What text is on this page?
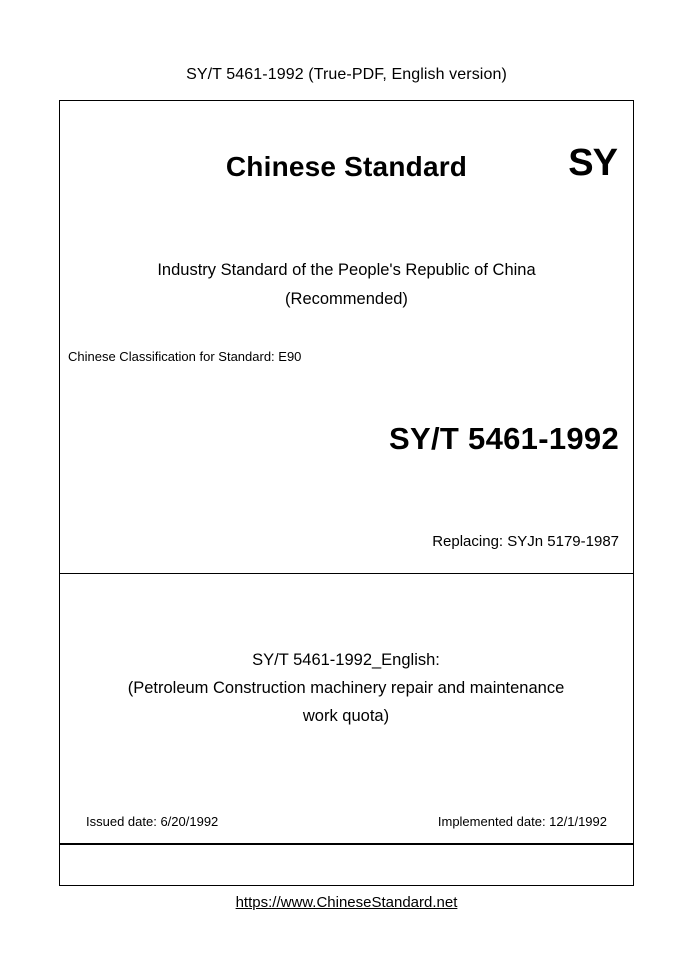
SY/T 5461-1992 (True-PDF, English version)
Chinese Standard	SY
Industry Standard of the People's Republic of China
(Recommended)
Chinese Classification for Standard: E90
SY/T 5461-1992
Replacing: SYJn 5179-1987
SY/T 5461-1992_English:
(Petroleum Construction machinery repair and maintenance
work quota)
Issued date: 6/20/1992	Implemented date: 12/1/1992
https://www.ChineseStandard.net
